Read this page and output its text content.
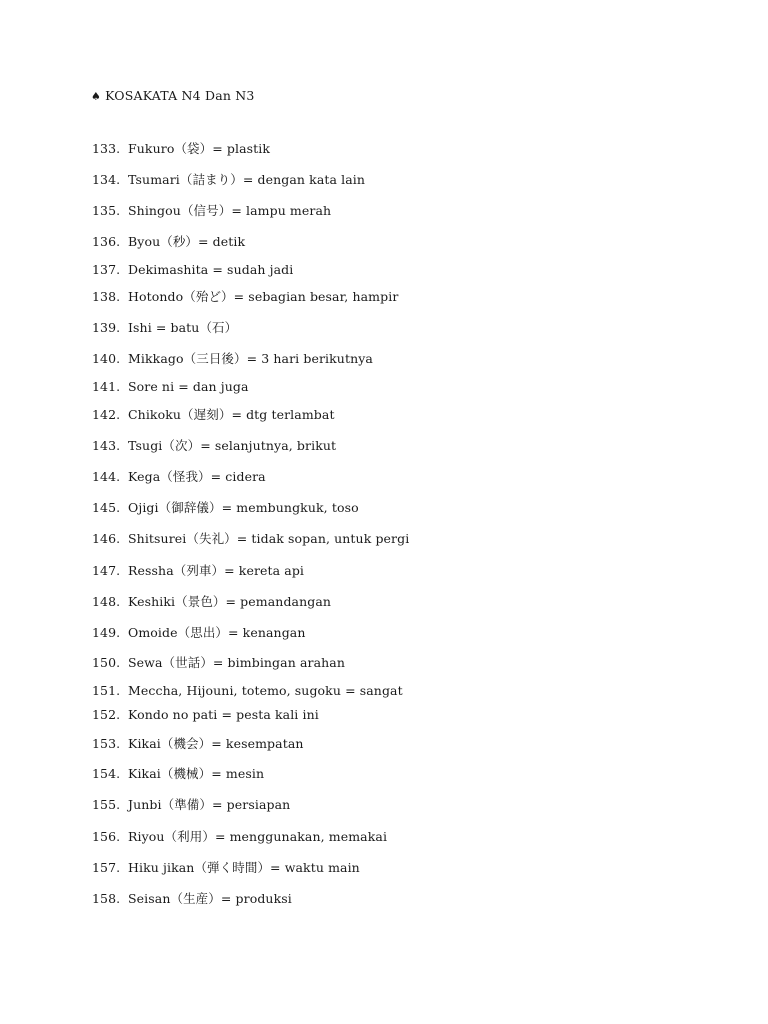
♠ KOSAKATA N4 Dan N3
133. Fukuro（袋）= plastik
134. Tsumari（詰まり）= dengan kata lain
135. Shingou（信号）= lampu merah
136. Byou（秒）= detik
137. Dekimashita = sudah jadi
138. Hotondo（殆ど）= sebagian besar, hampir
139. Ishi = batu（石）
140. Mikkago（三日後）= 3 hari berikutnya
141. Sore ni = dan juga
142. Chikoku（遅刻）= dtg terlambat
143. Tsugi（次）= selanjutnya, brikut
144. Kega（怪我）= cidera
145. Ojigi（御辞儀）= membungkuk, toso
146. Shitsurei（失礼）= tidak sopan, untuk pergi
147. Ressha（列車）= kereta api
148. Keshiki（景色）= pemandangan
149. Omoide（思出）= kenangan
150. Sewa（世話）= bimbingan arahan
151. Meccha, Hijouni, totemo, sugoku = sangat
152. Kondo no pati = pesta kali ini
153. Kikai（機会）= kesempatan
154. Kikai（機械）= mesin
155. Junbi（準備）= persiapan
156. Riyou（利用）= menggunakan, memakai
157. Hiku jikan（弾く時間）= waktu main
158. Seisan（生産）= produksi
